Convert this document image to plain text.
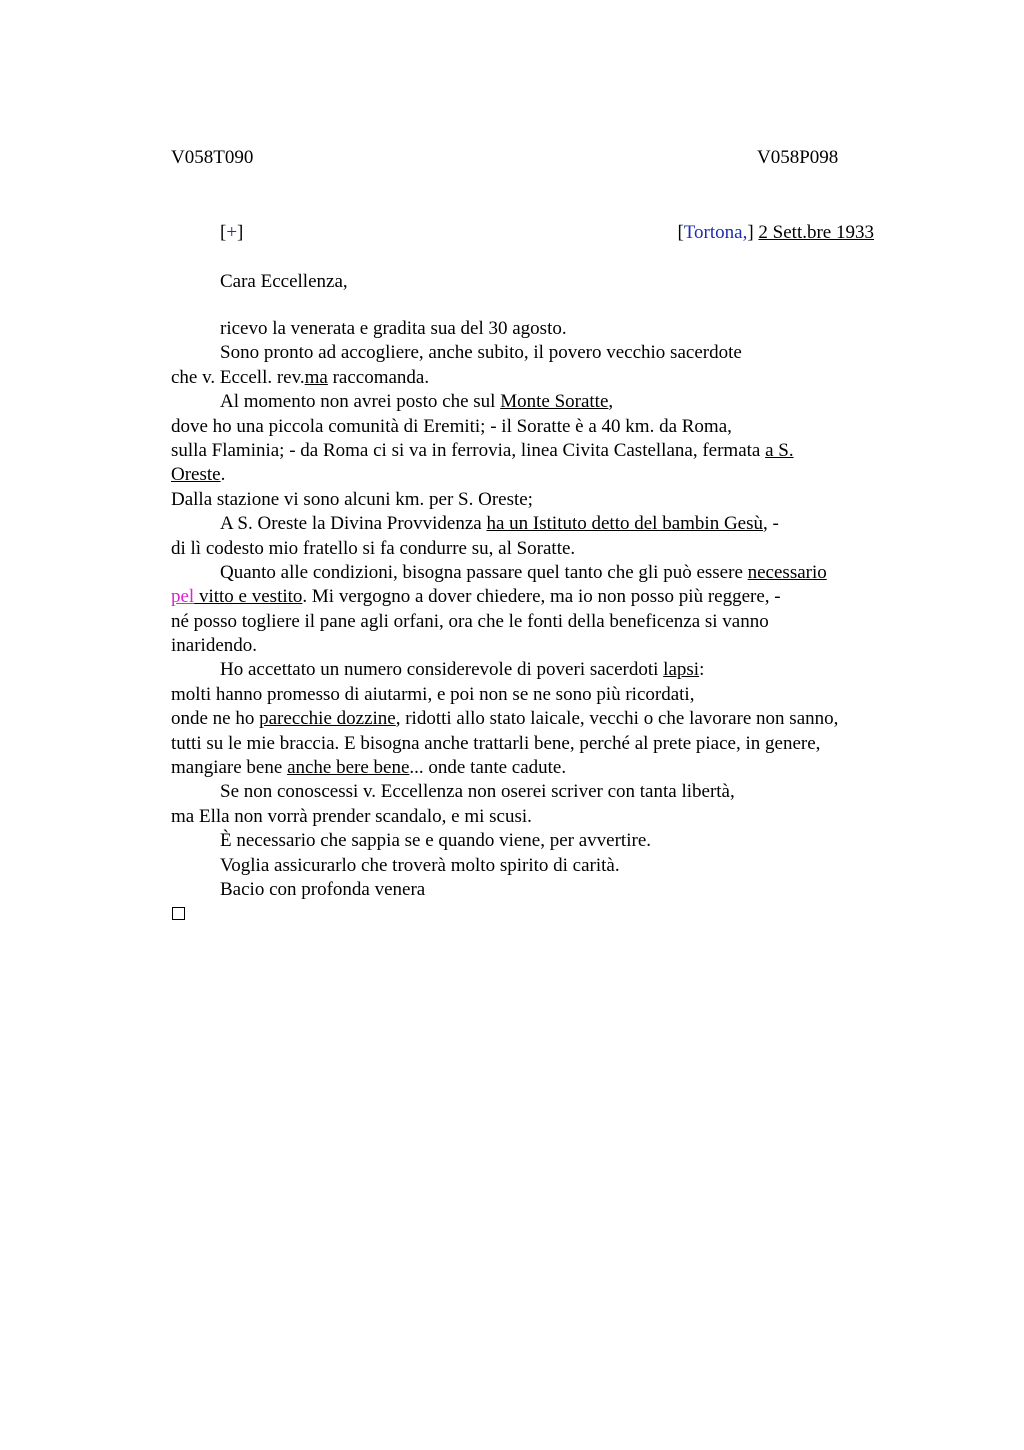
V058T090	V058P098
[+]	[Tortona,] 2 Sett.bre 1933
Cara Eccellenza,
ricevo la venerata e gradita sua del 30 agosto.
Sono pronto ad accogliere, anche subito, il povero vecchio sacerdote
che v. Eccell. rev.ma raccomanda.
Al momento non avrei posto che sul Monte Soratte,
dove ho una piccola comunità di Eremiti; - il Soratte è a 40 km. da Roma,
sulla Flaminia; - da Roma ci si va in ferrovia, linea Civita Castellana, fermata a S.
Oreste.
Dalla stazione vi sono alcuni km. per S. Oreste;
A S. Oreste la Divina Provvidenza ha un Istituto detto del bambin Gesù, -
di lì codesto mio fratello si fa condurre su, al Soratte.
Quanto alle condizioni, bisogna passare quel tanto che gli può essere necessario
pel vitto e vestito. Mi vergogno a dover chiedere, ma io non posso più reggere, -
né posso togliere il pane agli orfani, ora che le fonti della beneficenza si vanno
inaridendo.
Ho accettato un numero considerevole di poveri sacerdoti lapsi:
molti hanno promesso di aiutarmi, e poi non se ne sono più ricordati,
onde ne ho parecchie dozzine, ridotti allo stato laicale, vecchi o che lavorare non sanno,
tutti su le mie braccia. E bisogna anche trattarli bene, perché al prete piace, in genere,
mangiare bene anche bere bene... onde tante cadute.
Se non conoscessi v. Eccellenza non oserei scriver con tanta libertà,
ma Ella non vorrà prender scandalo, e mi scusi.
È necessario che sappia se e quando viene, per avvertire.
Voglia assicurarlo che troverà molto spirito di carità.
Bacio con profonda venera
